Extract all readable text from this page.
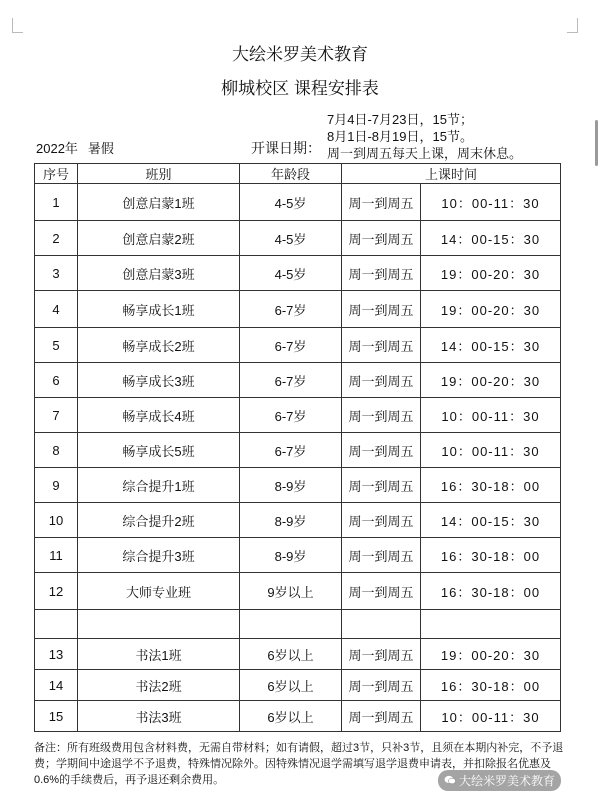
大绘米罗美术教育
柳城校区 课程安排表
2022年 暑假	开课日期：
7月4日-7月23日，15节；
8月1日-8月19日，15节。
周一到周五每天上课，周末休息。
序号	班别	年龄段	上课时间	
1	创意启蒙1班	4-5岁	周一到周五	10：00-11：30
2	创意启蒙2班	4-5岁	周一到周五	14：00-15：30
3	创意启蒙3班	4-5岁	周一到周五	19：00-20：30
4	畅享成长1班	6-7岁	周一到周五	19：00-20：30
5	畅享成长2班	6-7岁	周一到周五	14：00-15：30
6	畅享成长3班	6-7岁	周一到周五	19：00-20：30
7	畅享成长4班	6-7岁	周一到周五	10：00-11：30
8	畅享成长5班	6-7岁	周一到周五	10：00-11：30
9	综合提升1班	8-9岁	周一到周五	16：30-18：00
10	综合提升2班	8-9岁	周一到周五	14：00-15：30
11	综合提升3班	8-9岁	周一到周五	16：30-18：00
12	大师专业班	9岁以上	周一到周五	16：30-18：00

13	书法1班	6岁以上	周一到周五	19：00-20：30
14	书法2班	6岁以上	周一到周五	16：30-18：00
15	书法3班	6岁以上	周一到周五	10：00-11：30
备注：所有班级费用包含材料费，无需自带材料；如有请假，超过3节，只补3节，且须在本期内补完，不予退费；学期间中途退学不予退费，特殊情况除外。因特殊情况退学需填写退学退费申请表，并扣除报名优惠及0.6%的手续费后，再予退还剩余费用。	大绘米罗美术教育
